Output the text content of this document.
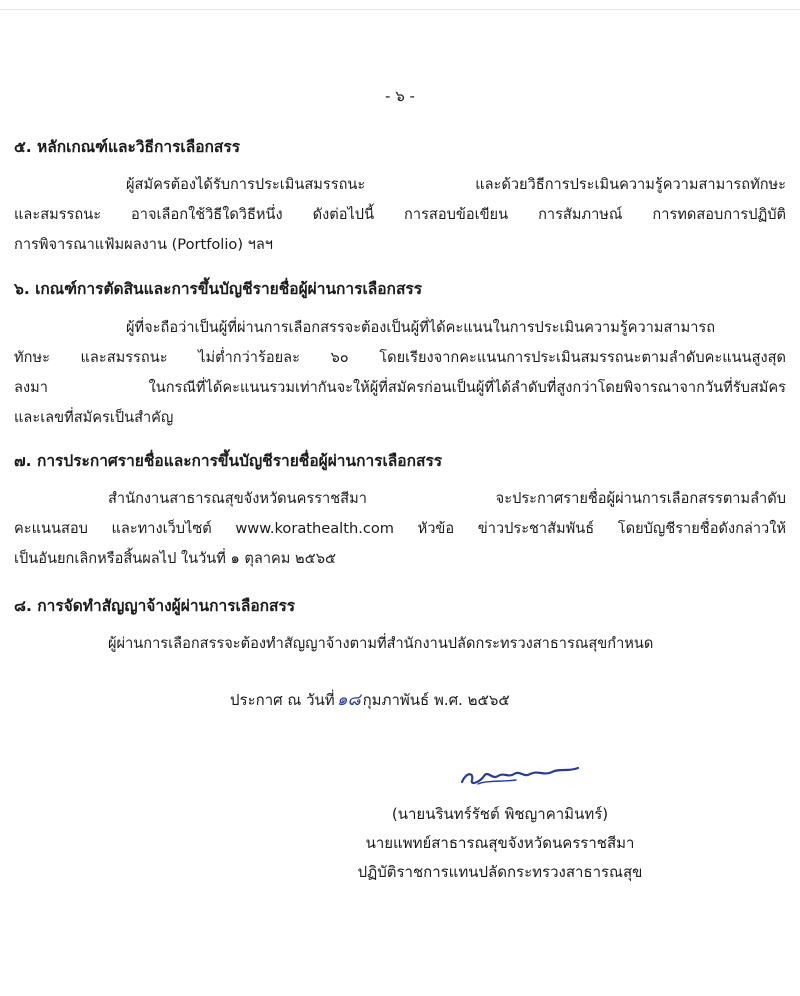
- ๖ -
๕. หลักเกณฑ์และวิธีการเลือกสรร
ผู้สมัครต้องได้รับการประเมินสมรรถนะ และด้วยวิธีการประเมินความรู้ความสามารถทักษะ
และสมรรถนะ อาจเลือกใช้วิธีใดวิธีหนึ่ง ดังต่อไปนี้ การสอบข้อเขียน การสัมภาษณ์ การทดสอบการปฏิบัติ
การพิจารณาแฟ้มผลงาน (Portfolio) ฯลฯ
๖. เกณฑ์การตัดสินและการขึ้นบัญชีรายชื่อผู้ผ่านการเลือกสรร
ผู้ที่จะถือว่าเป็นผู้ที่ผ่านการเลือกสรรจะต้องเป็นผู้ที่ได้คะแนนในการประเมินความรู้ความสามารถ
ทักษะ และสมรรถนะ ไม่ต่ำกว่าร้อยละ ๖๐ โดยเรียงจากคะแนนการประเมินสมรรถนะตามลำดับคะแนนสูงสุด
ลงมา ในกรณีที่ได้คะแนนรวมเท่ากันจะให้ผู้ที่สมัครก่อนเป็นผู้ที่ได้ลำดับที่สูงกว่าโดยพิจารณาจากวันที่รับสมัคร
และเลขที่สมัครเป็นสำคัญ
๗. การประกาศรายชื่อและการขึ้นบัญชีรายชื่อผู้ผ่านการเลือกสรร
สำนักงานสาธารณสุขจังหวัดนครราชสีมา จะประกาศรายชื่อผู้ผ่านการเลือกสรรตามลำดับ
คะแนนสอบ และทางเว็บไซต์ www.korathealth.com หัวข้อ ข่าวประชาสัมพันธ์ โดยบัญชีรายชื่อดังกล่าวให้
เป็นอันยกเลิกหรือสิ้นผลไป ในวันที่ ๑ ตุลาคม ๒๕๖๕
๘. การจัดทำสัญญาจ้างผู้ผ่านการเลือกสรร
ผู้ผ่านการเลือกสรรจะต้องทำสัญญาจ้างตามที่สำนักงานปลัดกระทรวงสาธารณสุขกำหนด
ประกาศ ณ วันที่ ๑๘ กุมภาพันธ์ พ.ศ. ๒๕๖๕
(นายนรินทร์รัชต์ พิชญาคามินทร์)
นายแพทย์สาธารณสุขจังหวัดนครราชสีมา
ปฏิบัติราชการแทนปลัดกระทรวงสาธารณสุข
